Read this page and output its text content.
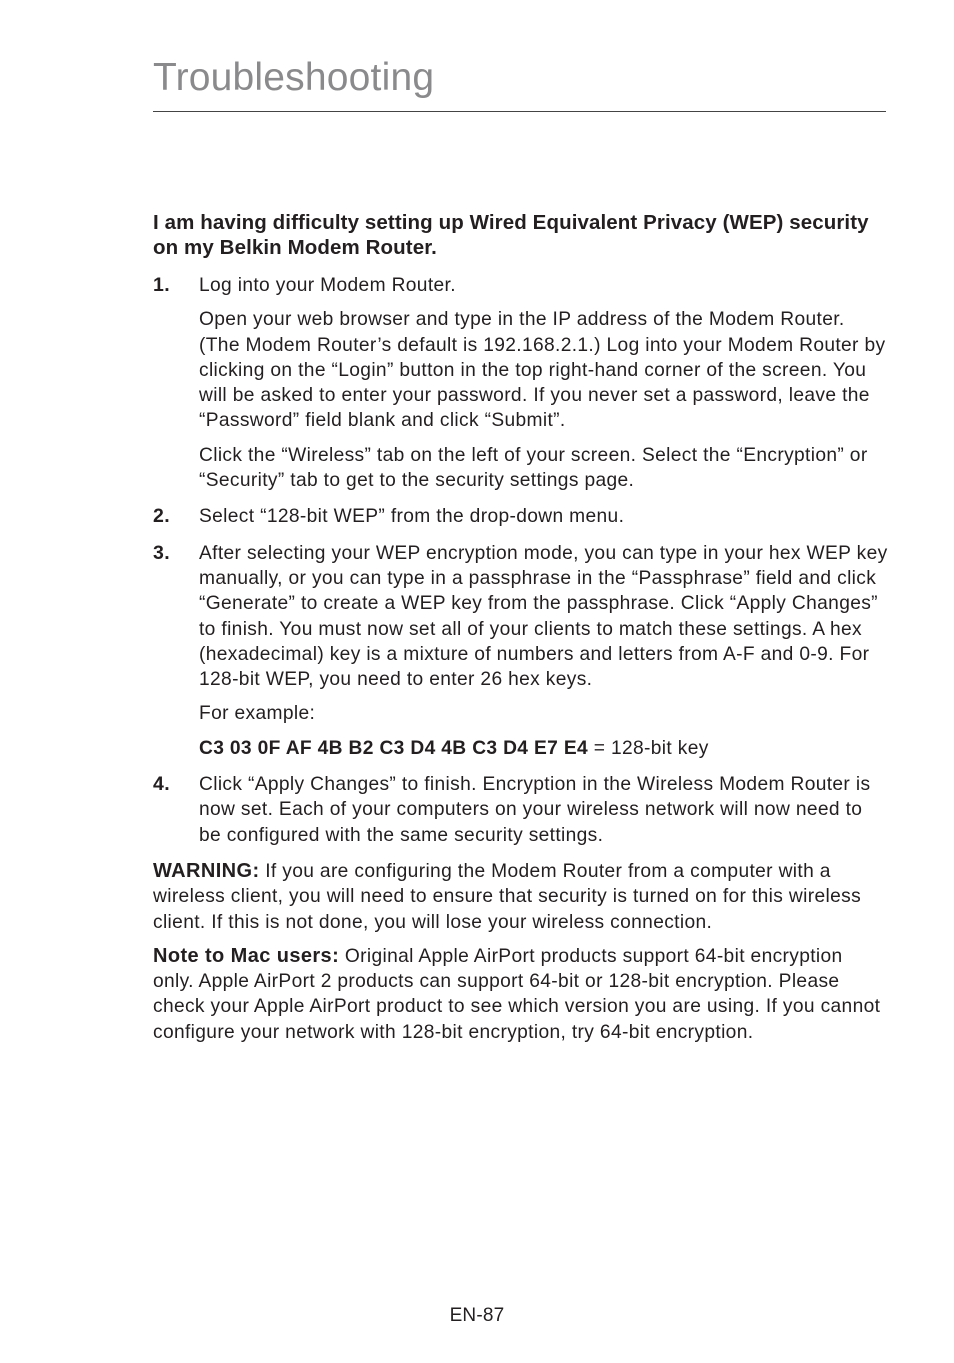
Troubleshooting
I am having difficulty setting up Wired Equivalent Privacy (WEP) security on my Belkin Modem Router.
1. Log into your Modem Router.

Open your web browser and type in the IP address of the Modem Router. (The Modem Router’s default is 192.168.2.1.) Log into your Modem Router by clicking on the “Login” button in the top right-hand corner of the screen. You will be asked to enter your password. If you never set a password, leave the “Password” field blank and click “Submit”.

Click the “Wireless” tab on the left of your screen. Select the “Encryption” or “Security” tab to get to the security settings page.

2. Select “128-bit WEP” from the drop-down menu.

3. After selecting your WEP encryption mode, you can type in your hex WEP key manually, or you can type in a passphrase in the “Passphrase” field and click “Generate” to create a WEP key from the passphrase. Click “Apply Changes” to finish. You must now set all of your clients to match these settings. A hex (hexadecimal) key is a mixture of numbers and letters from A-F and 0-9. For 128-bit WEP, you need to enter 26 hex keys.

For example:

C3 03 0F AF 4B B2 C3 D4 4B C3 D4 E7 E4 = 128-bit key

4. Click “Apply Changes” to finish. Encryption in the Wireless Modem Router is now set. Each of your computers on your wireless network will now need to be configured with the same security settings.

WARNING: If you are configuring the Modem Router from a computer with a wireless client, you will need to ensure that security is turned on for this wireless client. If this is not done, you will lose your wireless connection.

Note to Mac users: Original Apple AirPort products support 64-bit encryption only. Apple AirPort 2 products can support 64-bit or 128-bit encryption. Please check your Apple AirPort product to see which version you are using. If you cannot configure your network with 128-bit encryption, try 64-bit encryption.

EN-87
